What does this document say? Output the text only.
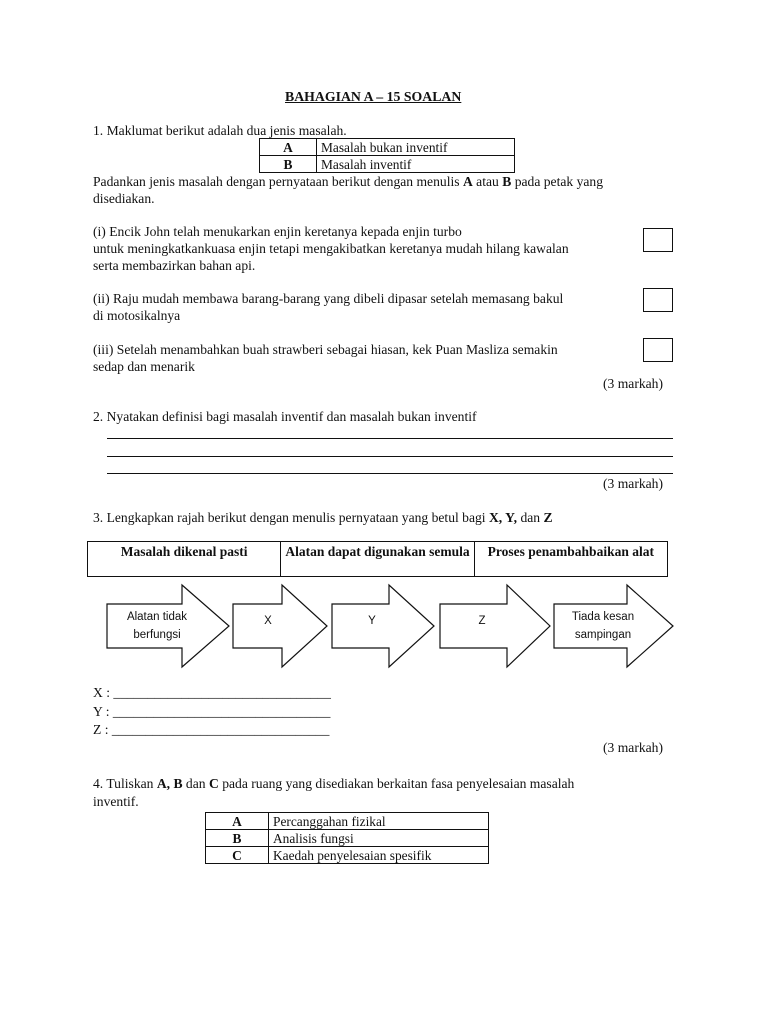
BAHAGIAN A – 15 SOALAN
1. Maklumat berikut adalah dua jenis masalah.
A	Masalah bukan inventif
B	Masalah inventif
Padankan jenis masalah dengan pernyataan berikut dengan menulis A atau B pada petak yang
disediakan.
(i) Encik John telah menukarkan enjin keretanya kepada enjin turbo
untuk meningkatkankuasa enjin tetapi mengakibatkan keretanya mudah hilang kawalan
serta membazirkan bahan api.
(ii) Raju mudah membawa barang-barang yang dibeli dipasar setelah memasang bakul
di motosikalnya
(iii) Setelah menambahkan buah strawberi sebagai hiasan, kek Puan Masliza semakin
sedap dan menarik
(3 markah)
2. Nyatakan definisi bagi masalah inventif dan masalah bukan inventif
(3 markah)
3. Lengkapkan rajah berikut dengan menulis pernyataan yang betul bagi X, Y, dan Z
Masalah dikenal pasti	Alatan dapat digunakan semula	Proses penambahbaikan alat
Alatan tidak
berfungsi
X	Y	Z	Tiada kesan
sampingan
X : ________________________________
Y : ________________________________
Z : ________________________________
(3 markah)
4. Tuliskan A, B dan C pada ruang yang disediakan berkaitan fasa penyelesaian masalah
inventif.
A	Percanggahan fizikal
B	Analisis fungsi
C	Kaedah penyelesaian spesifik
